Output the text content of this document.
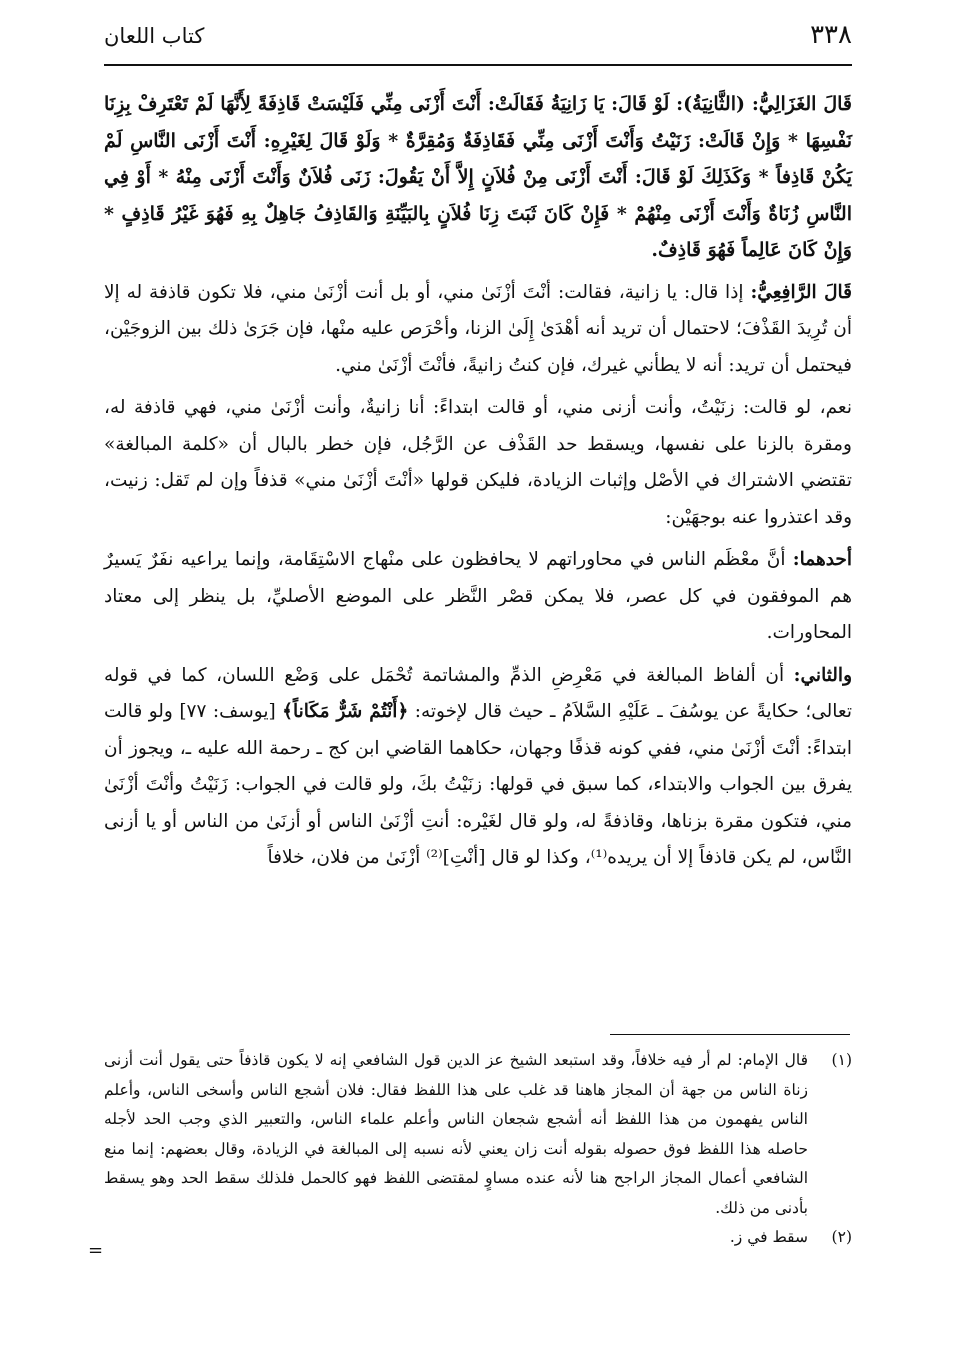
٣٣٨
كتاب اللعان

قَالَ الغَزَالِيُّ: (الثَّانِيَةُ): لَوْ قَالَ: يَا زَانِيَةُ فَقَالَتْ: أَنْتَ أَزْنَى مِنِّي فَلَيْسَتْ قَاذِفَةً لِأَنَّهَا لَمْ تَعْتَرِفْ بِزِنَا نَفْسِهَا * وَإِنْ قَالَتْ: زَنَيْتُ وَأَنْتَ أَزْنَى مِنِّي فَقَاذِفَةٌ وَمُقِرَّةٌ * وَلَوْ قَالَ لِغَيْرِهِ: أَنْتَ أَزْنَى النَّاسِ لَمْ يَكُنْ قَاذِفاً * وَكَذَلِكَ لَوْ قَالَ: أَنْتَ أَزْنَى مِنْ فُلاَنٍ إِلاَّ أَنْ يَقُولَ: زَنَى فُلاَنٌ وَأَنْتَ أَزْنَى مِنْهُ * أَوْ فِي النَّاسِ زُنَاةٌ وَأَنْتَ أَزْنَى مِنْهُمْ * فَإِنْ كَانَ ثَبَتَ زِنَا فُلاَنٍ بِالبَيِّنَةِ وَالقَاذِفُ جَاهِلٌ بِهِ فَهُوَ غَيْرُ قَاذِفٍ * وَإِنْ كَانَ عَالِماً فَهُوَ قَاذِفٌ.

قَالَ الرَّافِعِيُّ: إذا قال: يا زانية، فقالت: أنْتَ أزْنَىٰ مني، أو بل أنت أزْنَىٰ مني، فلا تكون قاذفة له إلا أن تُرِيدَ القَذْفَ؛ لاحتمال أن تريد أنه أهْدَىٰ إِلَىٰ الزنا، وأحْرَص عليه منْها، فإن جَرَىٰ ذلك بين الزوجَيْن، فيحتمل أن تريد: أنه لا يطأني غيرك، فإن كنتُ زانيةً، فأنْتَ أزْنَىٰ مني.

نعم، لو قالت: زنَيْتُ، وأنت أزنى مني، أو قالت ابتداءً: أنا زانيةٌ، وأنت أزْنَىٰ مني، فهي قاذفة له، ومقرة بالزنا على نفسها، ويسقط حد القَذْف عن الرَّجُل، فإن خطر بالبال أن «كلمة المبالغة» تقتضي الاشتراك في الأصْل وإثبات الزيادة، فليكن قولها «أنْتَ أزْنَىٰ مني» قذفاً وإن لم تَقل: زنيت، وقد اعتذروا عنه بوجهَيْن:

أحدهما: أنَّ معْظَم الناس في محاوراتهم لا يحافظون على منْهاج الاسْتِقَامة، وإنما يراعيه نفَرٌ يَسيرٌ هم الموفقون في كل عصر، فلا يمكن قصْر النَّظر على الموضع الأصليِّ، بل ينظر إلى معتاد المحاورات.

والثاني: أن ألفاظ المبالغة في مَعْرِضِ الذمِّ والمشاتمة تُحْمَل على وَضْع اللسان، كما في قوله تعالى؛ حكايةً عن يوسُفَ ـ عَلَيْهِ السَّلاَمُ ـ حيث قال لإخوته: ﴿أَنْتُمْ شَرٌّ مَكَاناً﴾ [يوسف: ٧٧] ولو قالت ابتداءً: أنْتَ أزْنَىٰ مني، ففي كونه قذفًا وجهان، حكاهما القاضي ابن كج ـ رحمة الله عليه ـ، ويجوز أن يفرق بين الجواب والابتداء، كما سبق في قولها: زنَيْتُ بكَ، ولو قالت في الجواب: زَنَيْتُ وأنْتَ أزْنَىٰ مني، فتكون مقرة بزناها، وقاذفةً له، ولو قال لغَيْره: أنتِ أزْنَىٰ الناس أو أزنَىٰ من الناس أو يا أزنى النَّاس، لم يكن قاذفاً إلا أن يريده⁽¹⁾، وكذا لو قال [أنْتِ]⁽²⁾ أزْنَىٰ من فلان، خلافاً

(١)
قال الإمام: لم أر فيه خلافاً، وقد استبعد الشيخ عز الدين قول الشافعي إنه لا يكون قاذفاً حتى يقول أنت أزنى زناة الناس من جهة أن المجاز هاهنا قد غلب على هذا اللفظ فقال: فلان أشجع الناس وأسخى الناس، وأعلم الناس يفهمون من هذا اللفظ أنه أشجع شجعان الناس وأعلم علماء الناس، والتعبير الذي وجب الحد لأجله حاصله هذا اللفظ فوق حصوله بقوله أنت زان يعني لأنه نسبه إلى المبالغة في الزيادة، وقال بعضهم: إنما منع الشافعي أعمال المجاز الراجح هنا لأنه عنده مساوٍ لمقتضى اللفظ فهو كالحمل فلذلك سقط الحد وهو يسقط بأدنى من ذلك.
(٢)
سقط في ز.
=
